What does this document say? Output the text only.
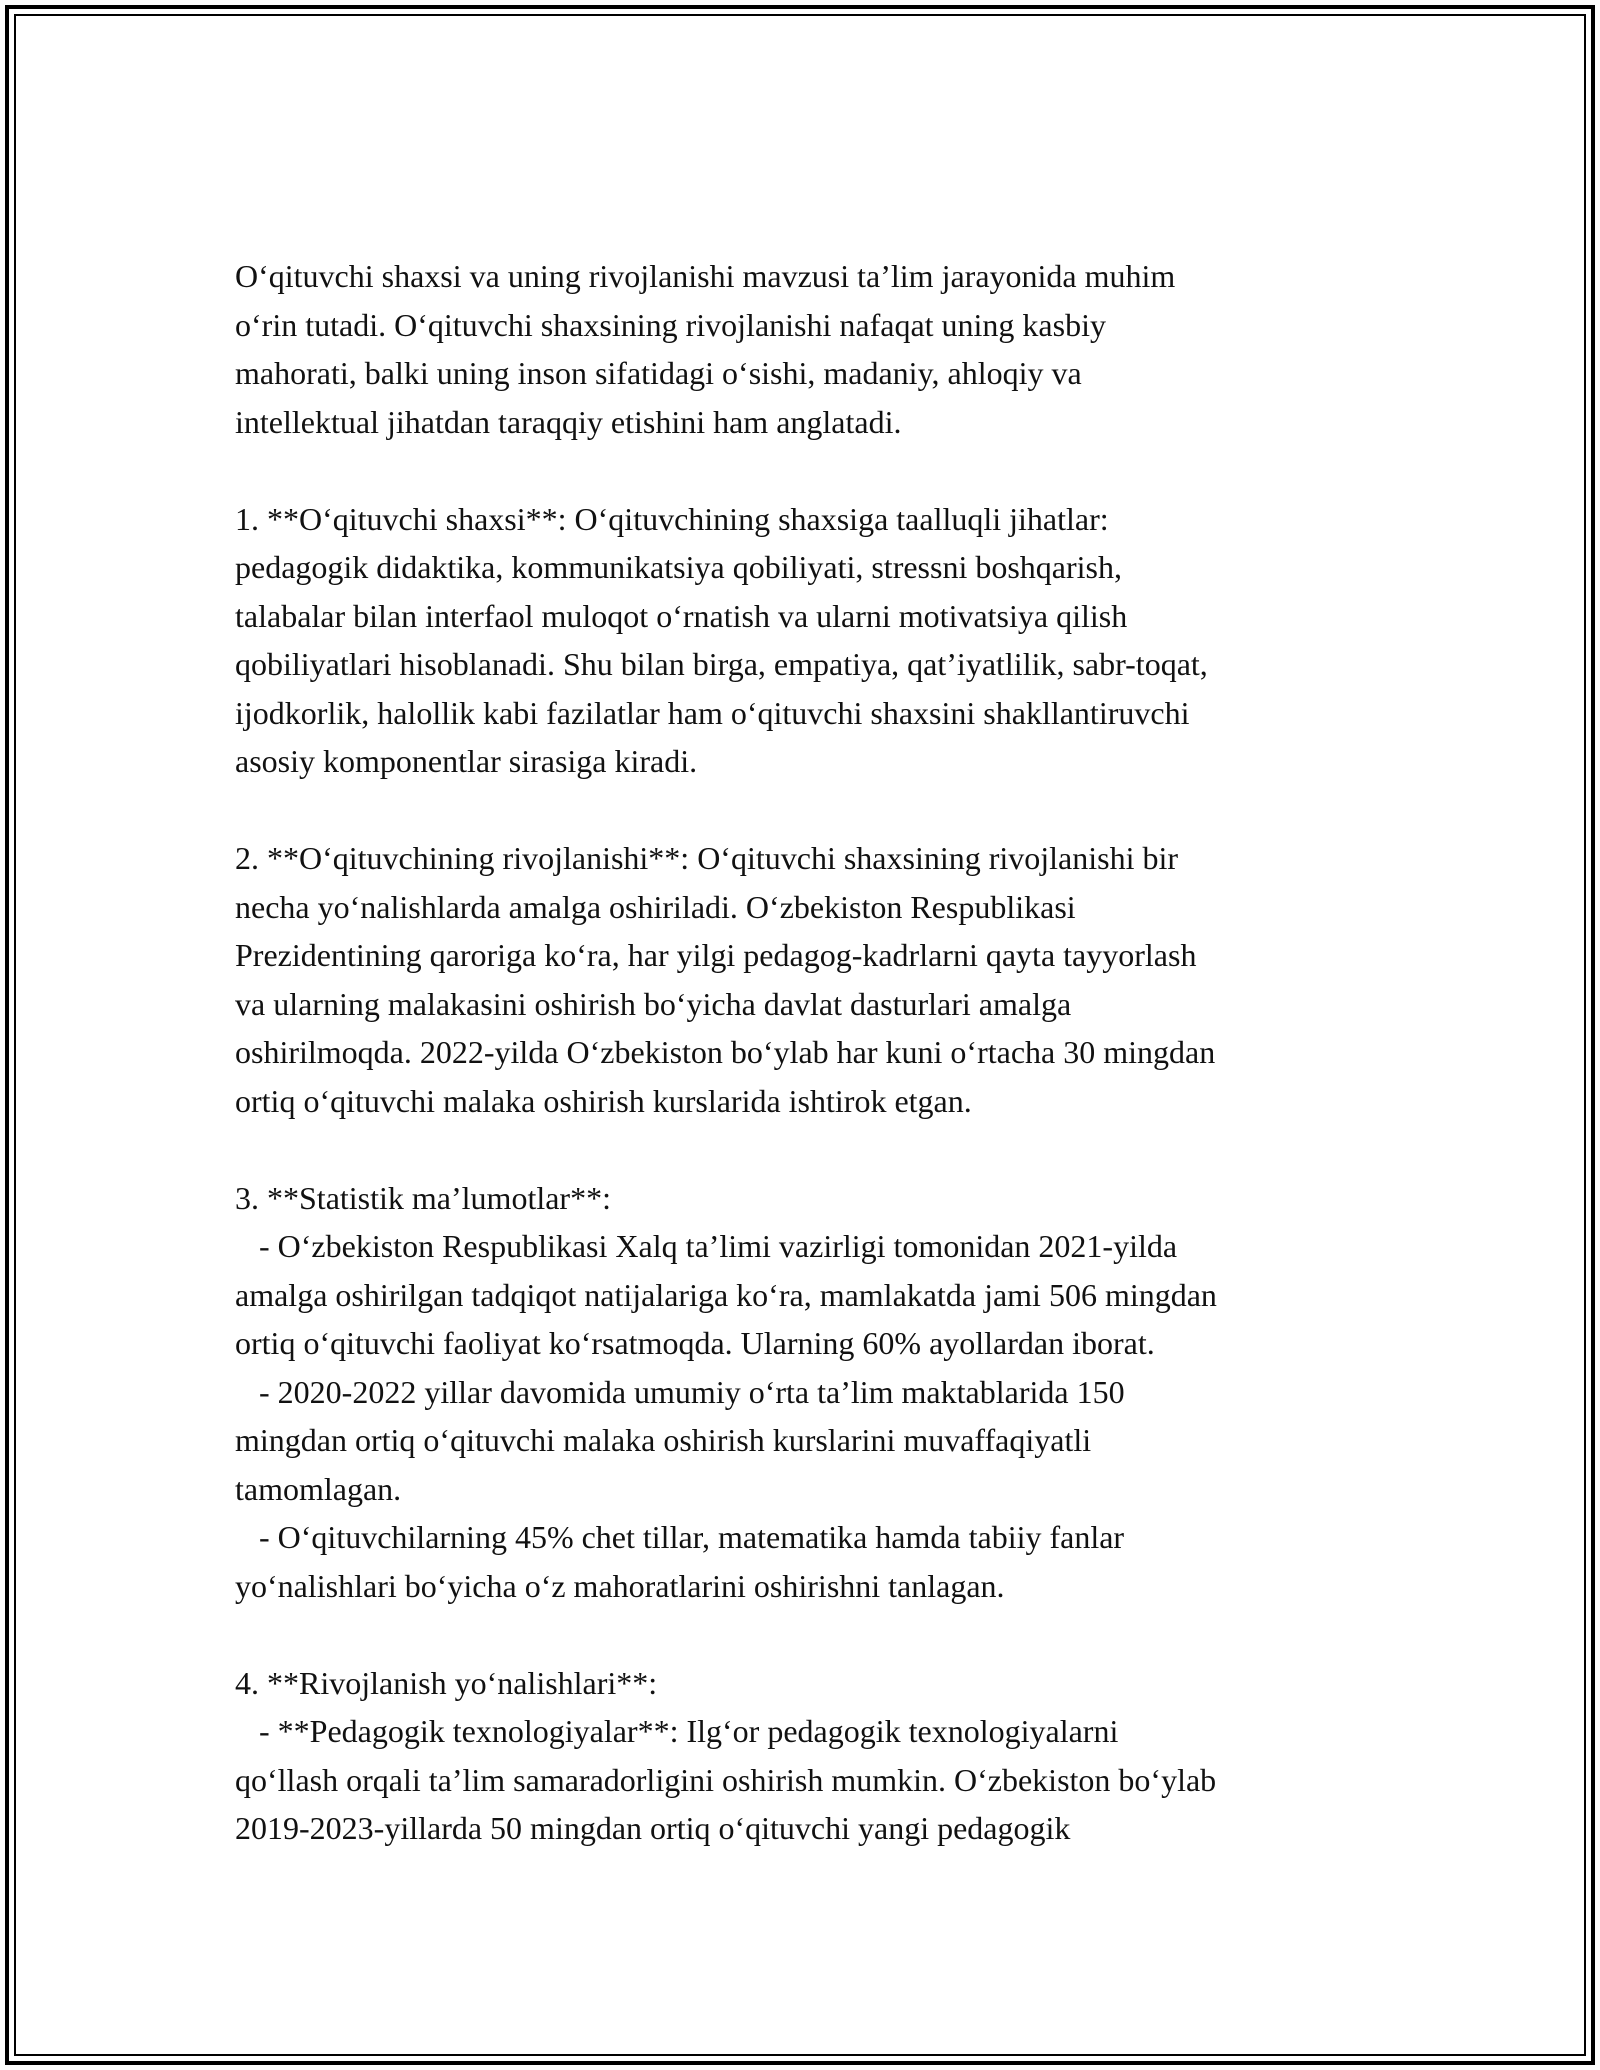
O‘qituvchi shaxsi va uning rivojlanishi mavzusi ta’lim jarayonida muhim
o‘rin tutadi. O‘qituvchi shaxsining rivojlanishi nafaqat uning kasbiy
mahorati, balki uning inson sifatidagi o‘sishi, madaniy, ahloqiy va
intellektual jihatdan taraqqiy etishini ham anglatadi.
1. **O‘qituvchi shaxsi**: O‘qituvchining shaxsiga taalluqli jihatlar:
pedagogik didaktika, kommunikatsiya qobiliyati, stressni boshqarish,
talabalar bilan interfaol muloqot o‘rnatish va ularni motivatsiya qilish
qobiliyatlari hisoblanadi. Shu bilan birga, empatiya, qat’iyatlilik, sabr-toqat,
ijodkorlik, halollik kabi fazilatlar ham o‘qituvchi shaxsini shakllantiruvchi
asosiy komponentlar sirasiga kiradi.
2. **O‘qituvchining rivojlanishi**: O‘qituvchi shaxsining rivojlanishi bir
necha yo‘nalishlarda amalga oshiriladi. O‘zbekiston Respublikasi
Prezidentining qaroriga ko‘ra, har yilgi pedagog-kadrlarni qayta tayyorlash
va ularning malakasini oshirish bo‘yicha davlat dasturlari amalga
oshirilmoqda. 2022-yilda O‘zbekiston bo‘ylab har kuni o‘rtacha 30 mingdan
ortiq o‘qituvchi malaka oshirish kurslarida ishtirok etgan.
3. **Statistik ma’lumotlar**:
- O‘zbekiston Respublikasi Xalq ta’limi vazirligi tomonidan 2021-yilda
amalga oshirilgan tadqiqot natijalariga ko‘ra, mamlakatda jami 506 mingdan
ortiq o‘qituvchi faoliyat ko‘rsatmoqda. Ularning 60% ayollardan iborat.
- 2020-2022 yillar davomida umumiy o‘rta ta’lim maktablarida 150
mingdan ortiq o‘qituvchi malaka oshirish kurslarini muvaffaqiyatli
tamomlagan.
- O‘qituvchilarning 45% chet tillar, matematika hamda tabiiy fanlar
yo‘nalishlari bo‘yicha o‘z mahoratlarini oshirishni tanlagan.
4. **Rivojlanish yo‘nalishlari**:
- **Pedagogik texnologiyalar**: Ilg‘or pedagogik texnologiyalarni
qo‘llash orqali ta’lim samaradorligini oshirish mumkin. O‘zbekiston bo‘ylab
2019-2023-yillarda 50 mingdan ortiq o‘qituvchi yangi pedagogik
